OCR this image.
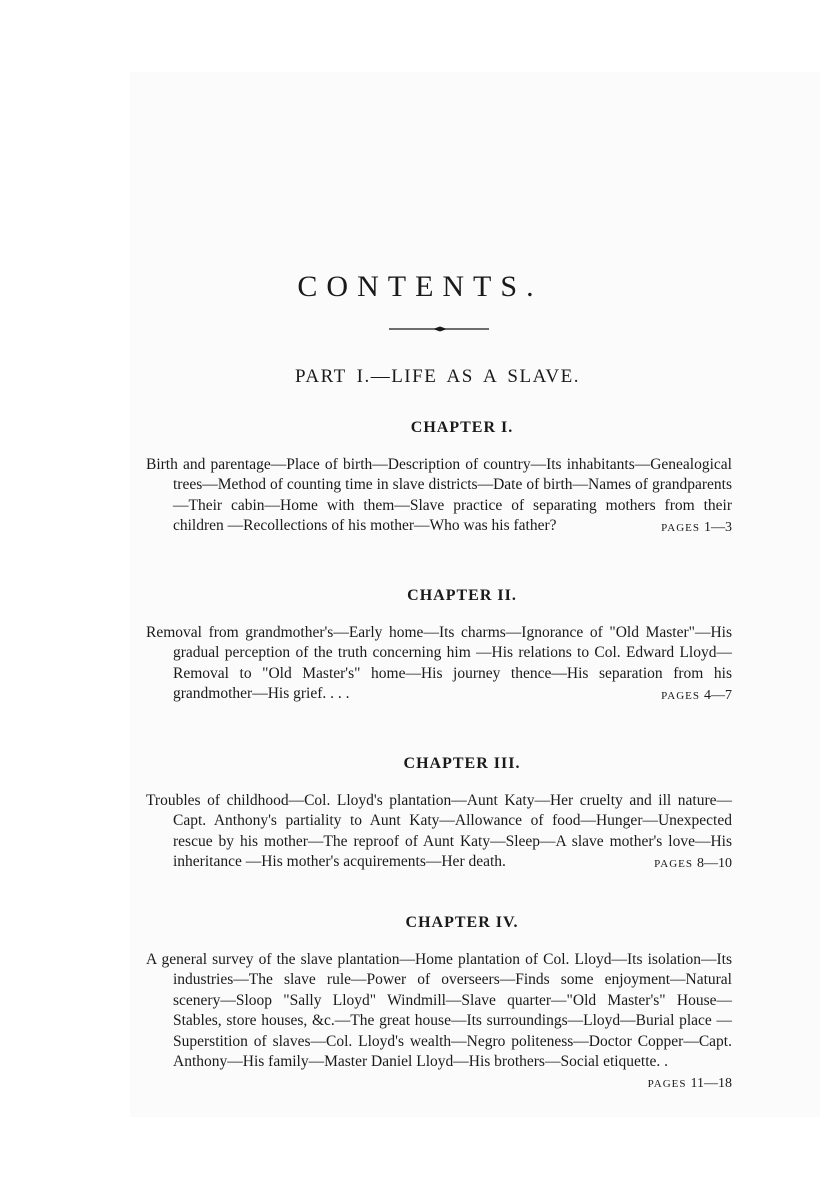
CONTENTS.
PART I.—LIFE AS A SLAVE.
CHAPTER I.

Birth and parentage—Place of birth—Description of country—Its inhabitants—Genealogical trees—Method of counting time in slave districts—Date of birth—Names of grandparents—Their cabin—Home with them—Slave practice of separating mothers from their children —Recollections of his mother—Who was his father?	PAGES 1—3

CHAPTER II.

Removal from grandmother's—Early home—Its charms—Ignorance of "Old Master"—His gradual perception of the truth concerning him —His relations to Col. Edward Lloyd—Removal to "Old Master's" home—His journey thence—His separation from his grandmother—His grief. . . .	PAGES 4—7

CHAPTER III.

Troubles of childhood—Col. Lloyd's plantation—Aunt Katy—Her cruelty and ill nature—Capt. Anthony's partiality to Aunt Katy—Allowance of food—Hunger—Unexpected rescue by his mother—The reproof of Aunt Katy—Sleep—A slave mother's love—His inheritance —His mother's acquirements—Her death.	PAGES 8—10

CHAPTER IV.

A general survey of the slave plantation—Home plantation of Col. Lloyd—Its isolation—Its industries—The slave rule—Power of overseers—Finds some enjoyment—Natural scenery—Sloop "Sally Lloyd" Windmill—Slave quarter—"Old Master's" House—Stables, store houses, &c.—The great house—Its surroundings—Lloyd—Burial place —Superstition of slaves—Col. Lloyd's wealth—Negro politeness—Doctor Copper—Capt. Anthony—His family—Master Daniel Lloyd—His brothers—Social etiquette. .
PAGES 11—18
